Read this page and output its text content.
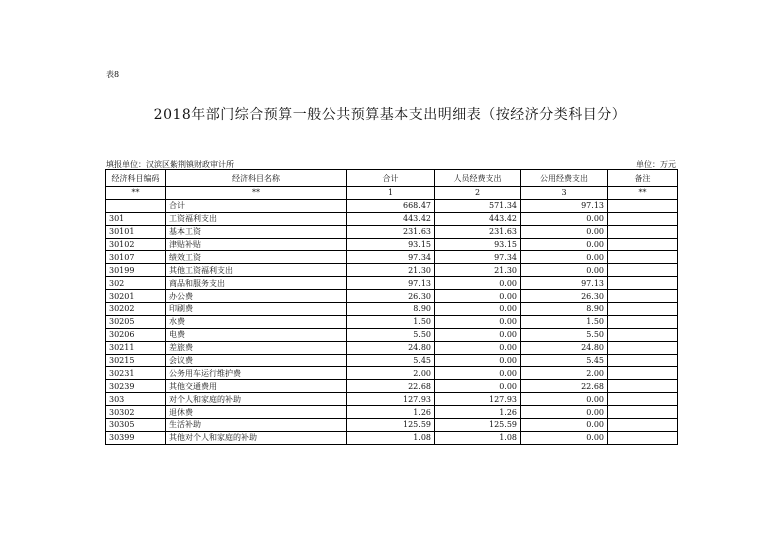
表8
2018年部门综合预算一般公共预算基本支出明细表（按经济分类科目分）
填报单位：汉滨区紫荆镇财政审计所	单位：万元
经济科目编码	经济科目名称	合计	人员经费支出	公用经费支出	备注
**	**	1	2	3	**
	合计	668.47	571.34	97.13	
301	工资福利支出	443.42	443.42	0.00	
30101	基本工资	231.63	231.63	0.00	
30102	津贴补贴	93.15	93.15	0.00	
30107	绩效工资	97.34	97.34	0.00	
30199	其他工资福利支出	21.30	21.30	0.00	
302	商品和服务支出	97.13	0.00	97.13	
30201	办公费	26.30	0.00	26.30	
30202	印刷费	8.90	0.00	8.90	
30205	水费	1.50	0.00	1.50	
30206	电费	5.50	0.00	5.50	
30211	差旅费	24.80	0.00	24.80	
30215	会议费	5.45	0.00	5.45	
30231	公务用车运行维护费	2.00	0.00	2.00	
30239	其他交通费用	22.68	0.00	22.68	
303	对个人和家庭的补助	127.93	127.93	0.00	
30302	退休费	1.26	1.26	0.00	
30305	生活补助	125.59	125.59	0.00	
30399	其他对个人和家庭的补助	1.08	1.08	0.00	
